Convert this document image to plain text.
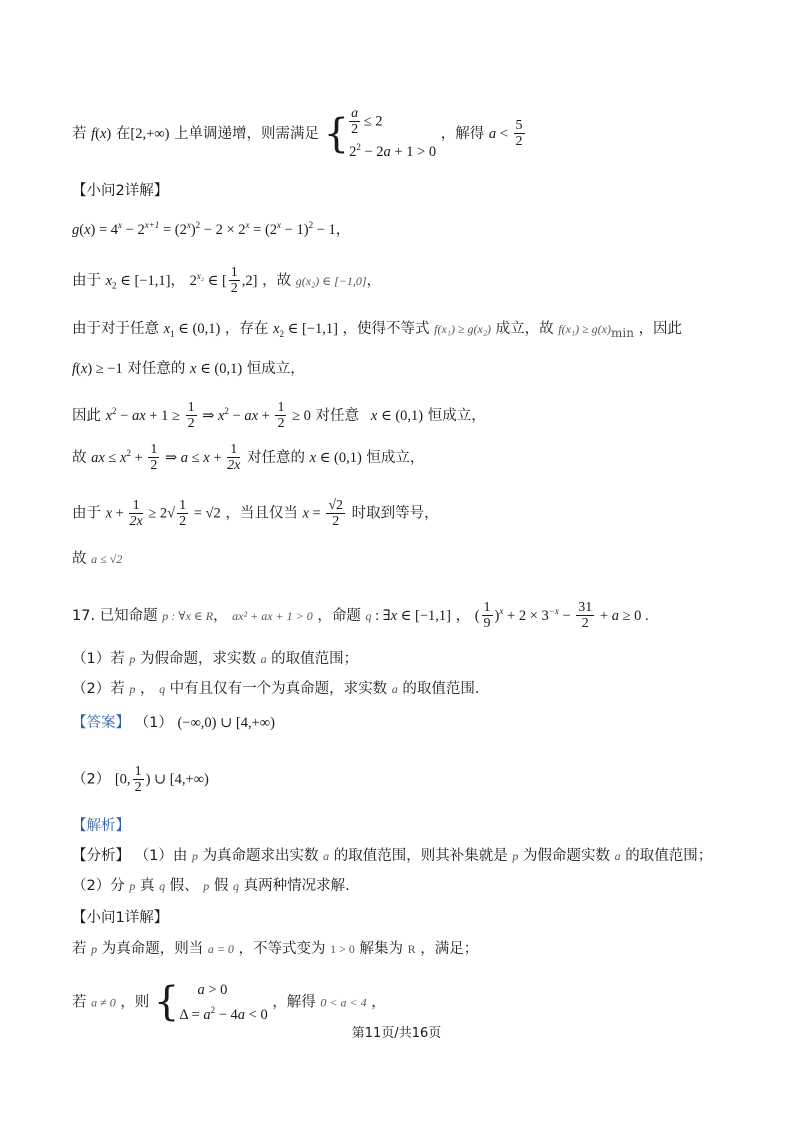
若 f(x) 在[2,+∞) 上单调递增，则需满足 { $\frac{a}{2} \le 2$
$2^2 - 2a + 1 > 0$ ，解得 $a < \frac{5}{2}$
【小问2详解】
$g(x) = 4^x - 2^{x+1} = (2^x)^2 - 2 \times 2^x = (2^x - 1)^2 - 1$，
由于 $x_2$ ∈ [−1,1]， $2^{x_2}$ ∈ [ $\frac{1}{2} ,2$] ，故 g(x₂) ∈ [−1,0]，
由于对于任意 $x_1$ ∈ (0,1) ，存在 $x_2$ ∈ [−1,1] ，使得不等式 f(x₁) ≥ g(x₂) 成立，故 $f(x_1) \ge g(x)_{min}$ ，因此
f(x) ≥ −1 对任意的 x ∈ (0,1) 恒成立，
因此 $x^2$ − ax + $1 \ge \frac{1}{2}$ ⇒ $x^2$ − ax + $\frac{1}{2} \ge 0$ 对任意   x ∈ (0,1) 恒成立，
故 ax ≤ $x^2 + \frac{1}{2}$ ⇒ $a \le x + \frac{1}{2x}$ 对任意的 x ∈ (0,1) 恒成立，
由于 $x + \frac{1}{2x} \ge 2√ \frac{1}{2} = √2$ ，当且仅当 $x = \frac{√2}{2}$ 时取到等号，
故 a ≤ √2
17. 已知命题 p : ∀x ∈ R， ax² + ax + 1 > 0 ，命题 q : ∃x ∈ [−1,1] ， ( $\frac{1}{9} )^x + 2 \times 3^{-x} - \frac{31}{2} + a \ge 0$ .
（1）若 p 为假命题，求实数 a 的取值范围；
（2）若 p ， q 中有且仅有一个为真命题，求实数 a 的取值范围.
【答案】 （1） (−∞,0) ∪ [4,+∞)
（2） [0, $\frac{1}{2}$ ) ∪ [4,+∞)
【解析】
【分析】 （1）由 p 为真命题求出实数 a 的取值范围，则其补集就是 p 为假命题实数 a 的取值范围；
（2）分 p 真 q 假、 p 假 q 真两种情况求解.
【小问1详解】
若 p 为真命题，则当 a = 0 ，不等式变为 1 > 0 解集为 R ，满足；
若 a ≠ 0 ，则 {     a > 0
$\Delta = a^2 - 4a < 0$ ，解得 0 < a < 4 ，
第11页/共16页
